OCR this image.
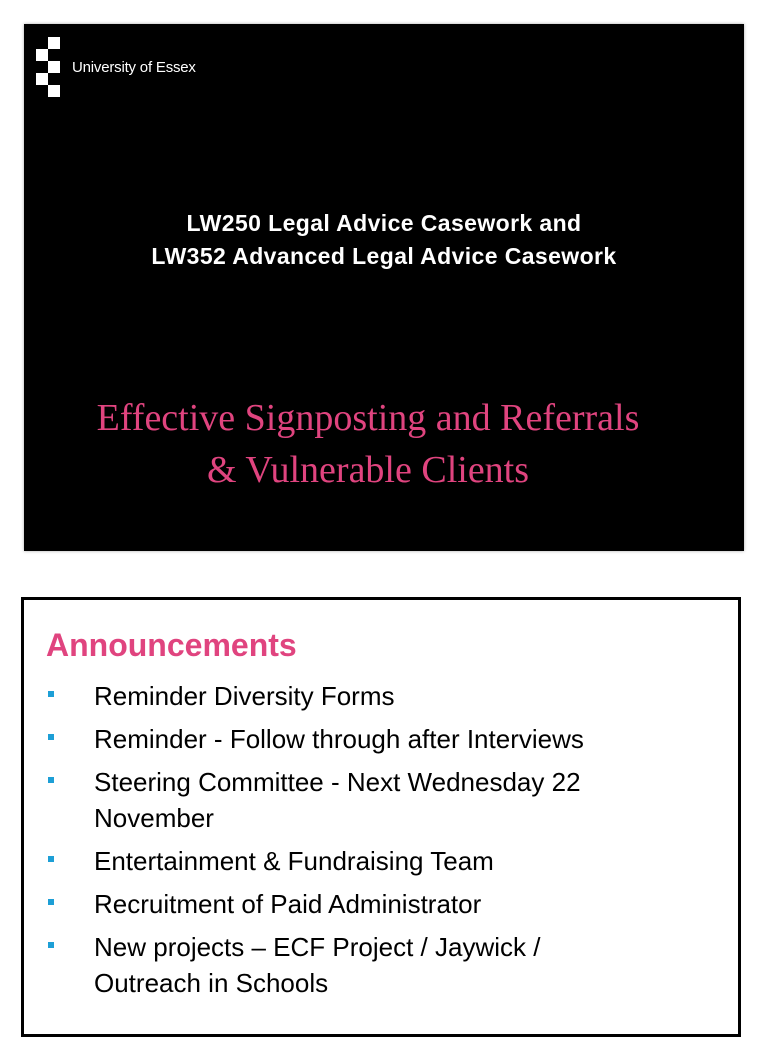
University of Essex
LW250 Legal Advice Casework and
LW352 Advanced Legal Advice Casework
Effective Signposting and Referrals
& Vulnerable Clients
Announcements
Reminder Diversity Forms
Reminder - Follow through after Interviews
Steering Committee - Next Wednesday 22
November
Entertainment & Fundraising Team
Recruitment of Paid Administrator
New projects – ECF Project / Jaywick /
Outreach in Schools
